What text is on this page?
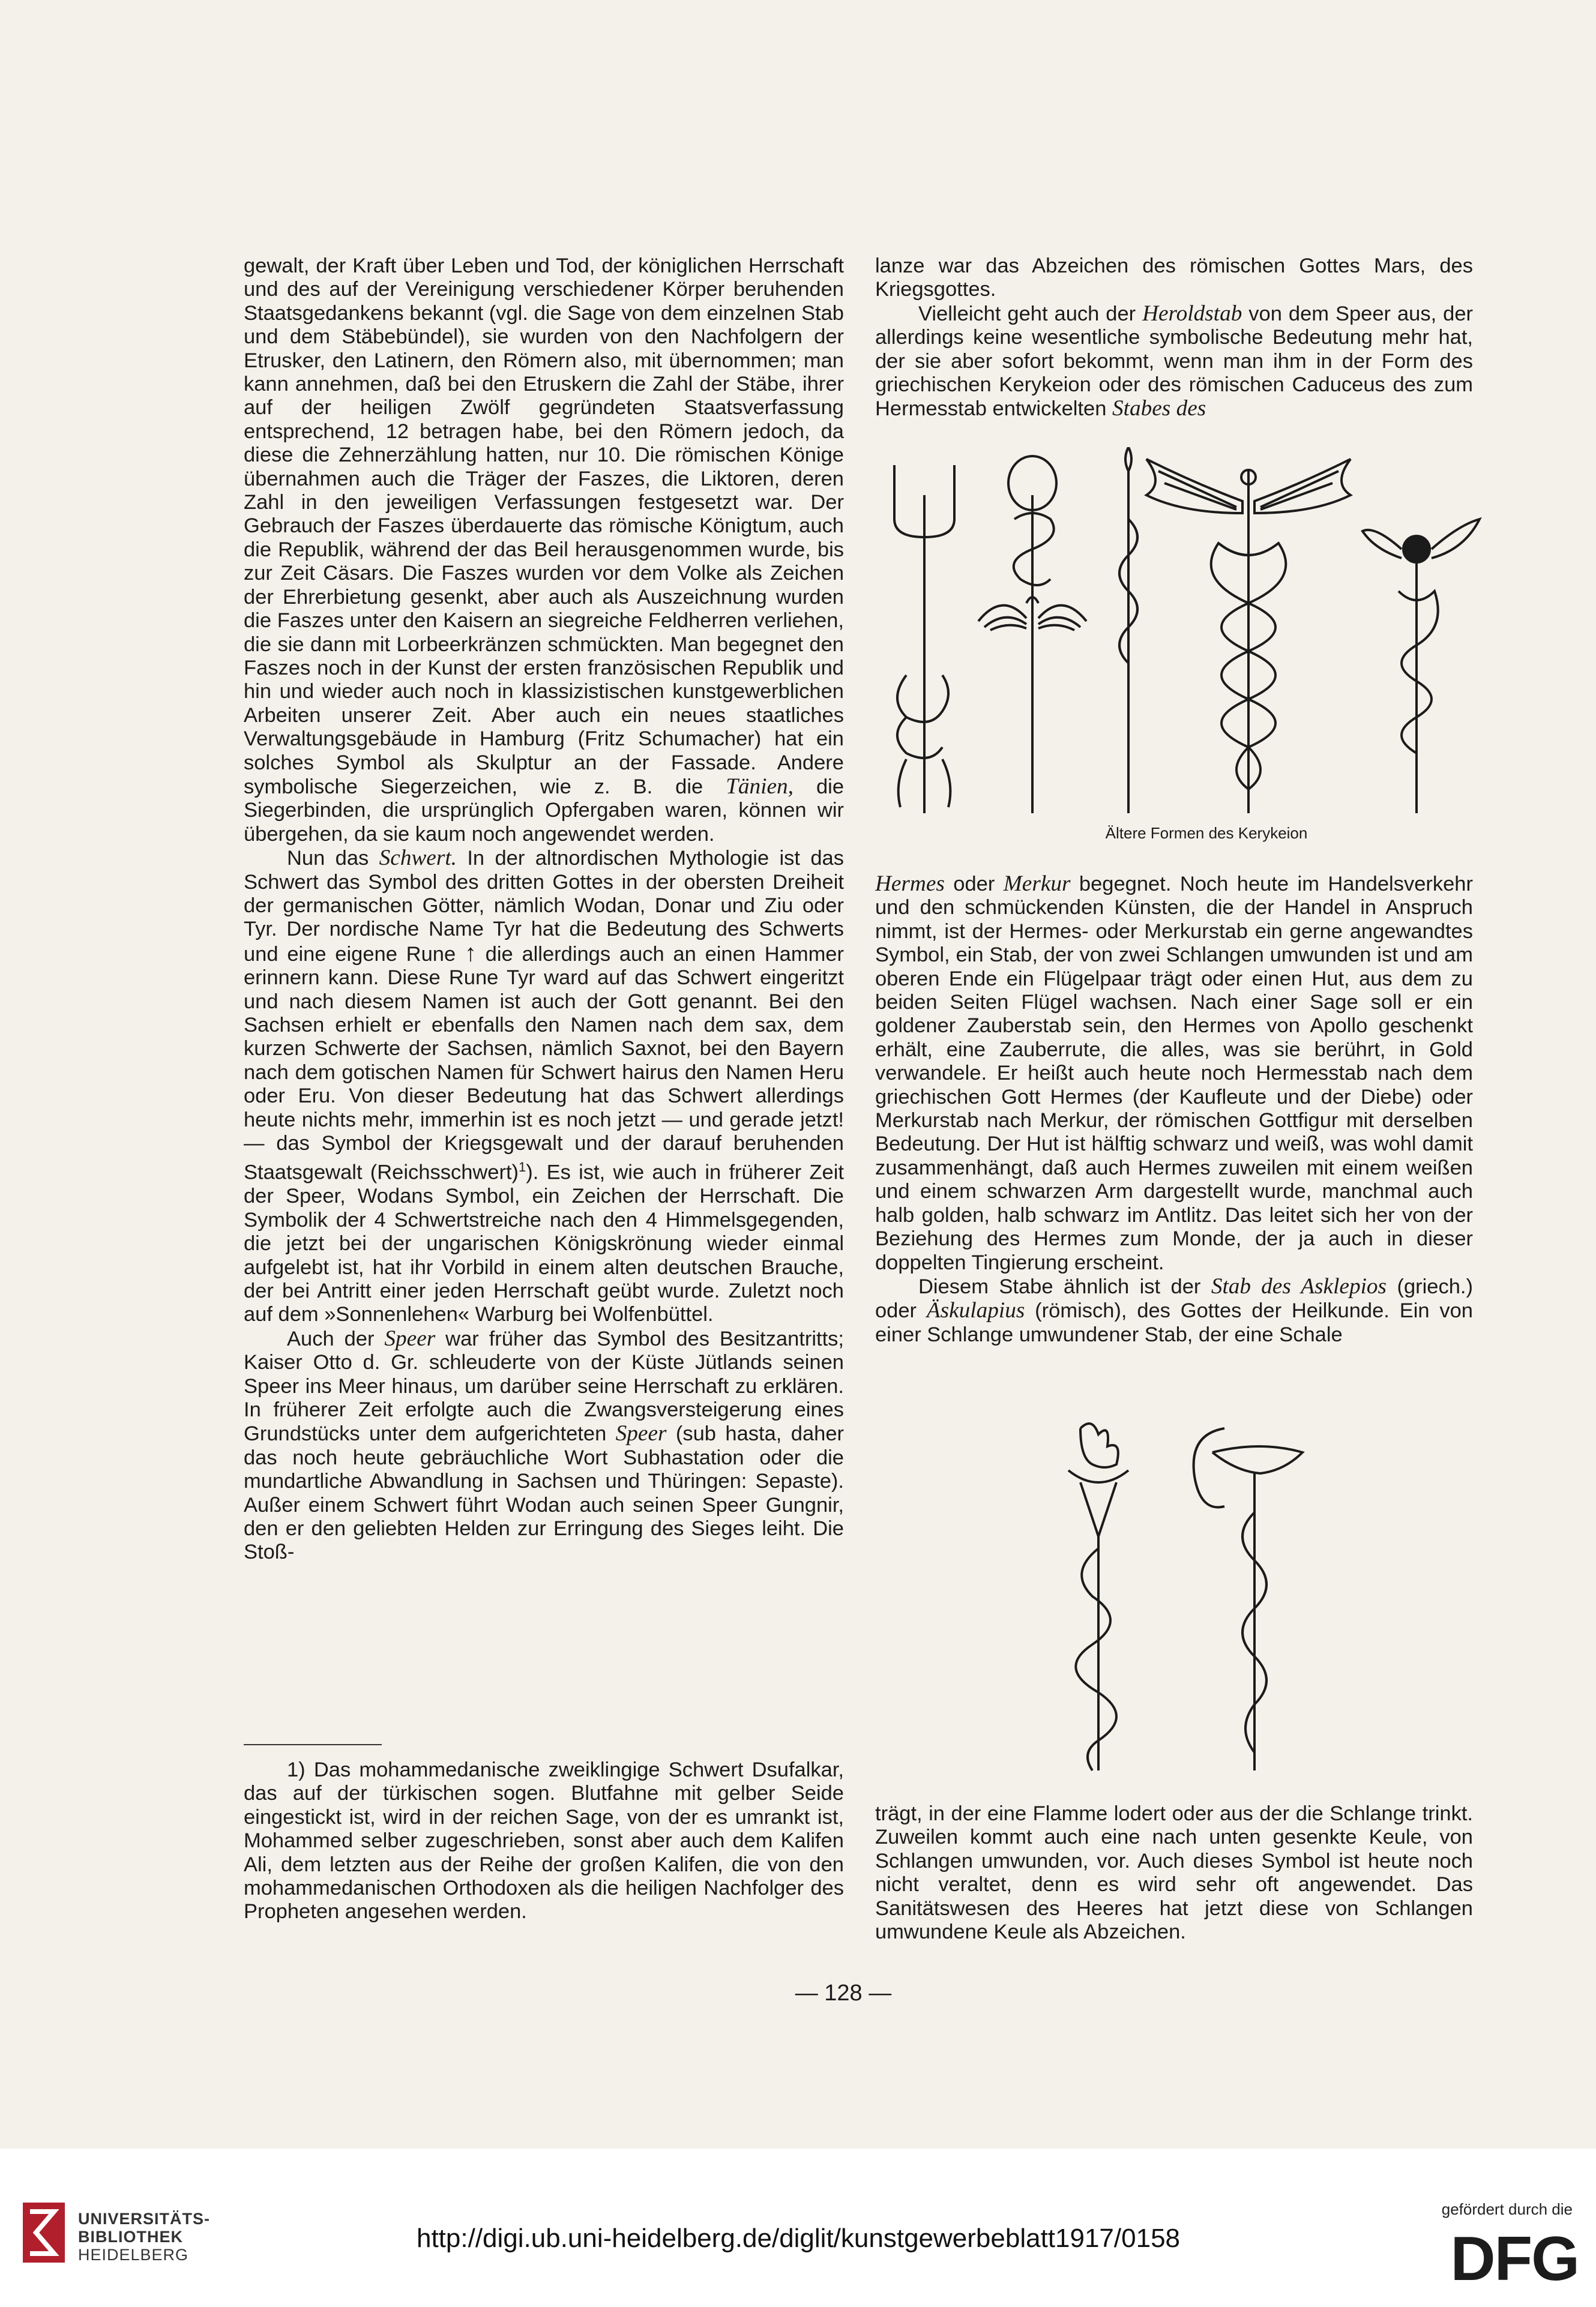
gewalt, der Kraft über Leben und Tod, der königlichen Herrschaft und des auf der Vereinigung verschiedener Körper beruhenden Staatsgedankens bekannt (vgl. die Sage von dem einzelnen Stab und dem Stäbebündel), sie wurden von den Nachfolgern der Etrusker, den Latinern, den Römern also, mit übernommen; man kann annehmen, daß bei den Etruskern die Zahl der Stäbe, ihrer auf der heiligen Zwölf gegründeten Staatsverfassung entsprechend, 12 betragen habe, bei den Römern jedoch, da diese die Zehnerzählung hatten, nur 10. Die römischen Könige übernahmen auch die Träger der Faszes, die Liktoren, deren Zahl in den jeweiligen Verfassungen festgesetzt war. Der Gebrauch der Faszes überdauerte das römische Königtum, auch die Republik, während der das Beil herausgenommen wurde, bis zur Zeit Cäsars. Die Faszes wurden vor dem Volke als Zeichen der Ehrerbietung gesenkt, aber auch als Auszeichnung wurden die Faszes unter den Kaisern an siegreiche Feldherren verliehen, die sie dann mit Lorbeerkränzen schmückten. Man begegnet den Faszes noch in der Kunst der ersten französischen Republik und hin und wieder auch noch in klassizistischen kunstgewerblichen Arbeiten unserer Zeit. Aber auch ein neues staatliches Verwaltungsgebäude in Hamburg (Fritz Schumacher) hat ein solches Symbol als Skulptur an der Fassade. Andere symbolische Siegerzeichen, wie z. B. die Tänien, die Siegerbinden, die ursprünglich Opfergaben waren, können wir übergehen, da sie kaum noch angewendet werden.

Nun das Schwert. In der altnordischen Mythologie ist das Schwert das Symbol des dritten Gottes in der obersten Dreiheit der germanischen Götter, nämlich Wodan, Donar und Ziu oder Tyr. Der nordische Name Tyr hat die Bedeutung des Schwerts und eine eigene Rune ↑ die allerdings auch an einen Hammer erinnern kann. Diese Rune Tyr ward auf das Schwert eingeritzt und nach diesem Namen ist auch der Gott genannt. Bei den Sachsen erhielt er ebenfalls den Namen nach dem sax, dem kurzen Schwerte der Sachsen, nämlich Saxnot, bei den Bayern nach dem gotischen Namen für Schwert hairus den Namen Heru oder Eru. Von dieser Bedeutung hat das Schwert allerdings heute nichts mehr, immerhin ist es noch jetzt — und gerade jetzt! — das Symbol der Kriegsgewalt und der darauf beruhenden Staatsgewalt (Reichsschwert)$^1$). Es ist, wie auch in früherer Zeit der Speer, Wodans Symbol, ein Zeichen der Herrschaft. Die Symbolik der 4 Schwertstreiche nach den 4 Himmelsgegenden, die jetzt bei der ungarischen Königskrönung wieder einmal aufgelebt ist, hat ihr Vorbild in einem alten deutschen Brauche, der bei Antritt einer jeden Herrschaft geübt wurde. Zuletzt noch auf dem »Sonnenlehen« Warburg bei Wolfenbüttel.

Auch der Speer war früher das Symbol des Besitzantritts; Kaiser Otto d. Gr. schleuderte von der Küste Jütlands seinen Speer ins Meer hinaus, um darüber seine Herrschaft zu erklären. In früherer Zeit erfolgte auch die Zwangsversteigerung eines Grundstücks unter dem aufgerichteten Speer (sub hasta, daher das noch heute gebräuchliche Wort Subhastation oder die mundartliche Abwandlung in Sachsen und Thüringen: Sepaste). Außer einem Schwert führt Wodan auch seinen Speer Gungnir, den er den geliebten Helden zur Erringung des Sieges leiht. Die Stoß-

1) Das mohammedanische zweiklingige Schwert Dsufalkar, das auf der türkischen sogen. Blutfahne mit gelber Seide eingestickt ist, wird in der reichen Sage, von der es umrankt ist, Mohammed selber zugeschrieben, sonst aber auch dem Kalifen Ali, dem letzten aus der Reihe der großen Kalifen, die von den mohammedanischen Orthodoxen als die heiligen Nachfolger des Propheten angesehen werden.

lanze war das Abzeichen des römischen Gottes Mars, des Kriegsgottes.

Vielleicht geht auch der Heroldstab von dem Speer aus, der allerdings keine wesentliche symbolische Bedeutung mehr hat, der sie aber sofort bekommt, wenn man ihm in der Form des griechischen Kerykeion oder des römischen Caduceus des zum Hermesstab entwickelten Stabes des

Ältere Formen des Kerykeion

Hermes oder Merkur begegnet. Noch heute im Handelsverkehr und den schmückenden Künsten, die der Handel in Anspruch nimmt, ist der Hermes- oder Merkurstab ein gerne angewandtes Symbol, ein Stab, der von zwei Schlangen umwunden ist und am oberen Ende ein Flügelpaar trägt oder einen Hut, aus dem zu beiden Seiten Flügel wachsen. Nach einer Sage soll er ein goldener Zauberstab sein, den Hermes von Apollo geschenkt erhält, eine Zauberrute, die alles, was sie berührt, in Gold verwandele. Er heißt auch heute noch Hermesstab nach dem griechischen Gott Hermes (der Kaufleute und der Diebe) oder Merkurstab nach Merkur, der römischen Gottfigur mit derselben Bedeutung. Der Hut ist hälftig schwarz und weiß, was wohl damit zusammenhängt, daß auch Hermes zuweilen mit einem weißen und einem schwarzen Arm dargestellt wurde, manchmal auch halb golden, halb schwarz im Antlitz. Das leitet sich her von der Beziehung des Hermes zum Monde, der ja auch in dieser doppelten Tingierung erscheint.

Diesem Stabe ähnlich ist der Stab des Asklepios (griech.) oder Äskulapius (römisch), des Gottes der Heilkunde. Ein von einer Schlange umwundener Stab, der eine Schale

trägt, in der eine Flamme lodert oder aus der die Schlange trinkt. Zuweilen kommt auch eine nach unten gesenkte Keule, von Schlangen umwunden, vor. Auch dieses Symbol ist heute noch nicht veraltet, denn es wird sehr oft angewendet. Das Sanitätswesen des Heeres hat jetzt diese von Schlangen umwundene Keule als Abzeichen.

— 128 —
UNIVERSITÄTS-
BIBLIOTHEK
HEIDELBERG
http://digi.ub.uni-heidelberg.de/diglit/kunstgewerbeblatt1917/0158
gefördert durch die
DFG
